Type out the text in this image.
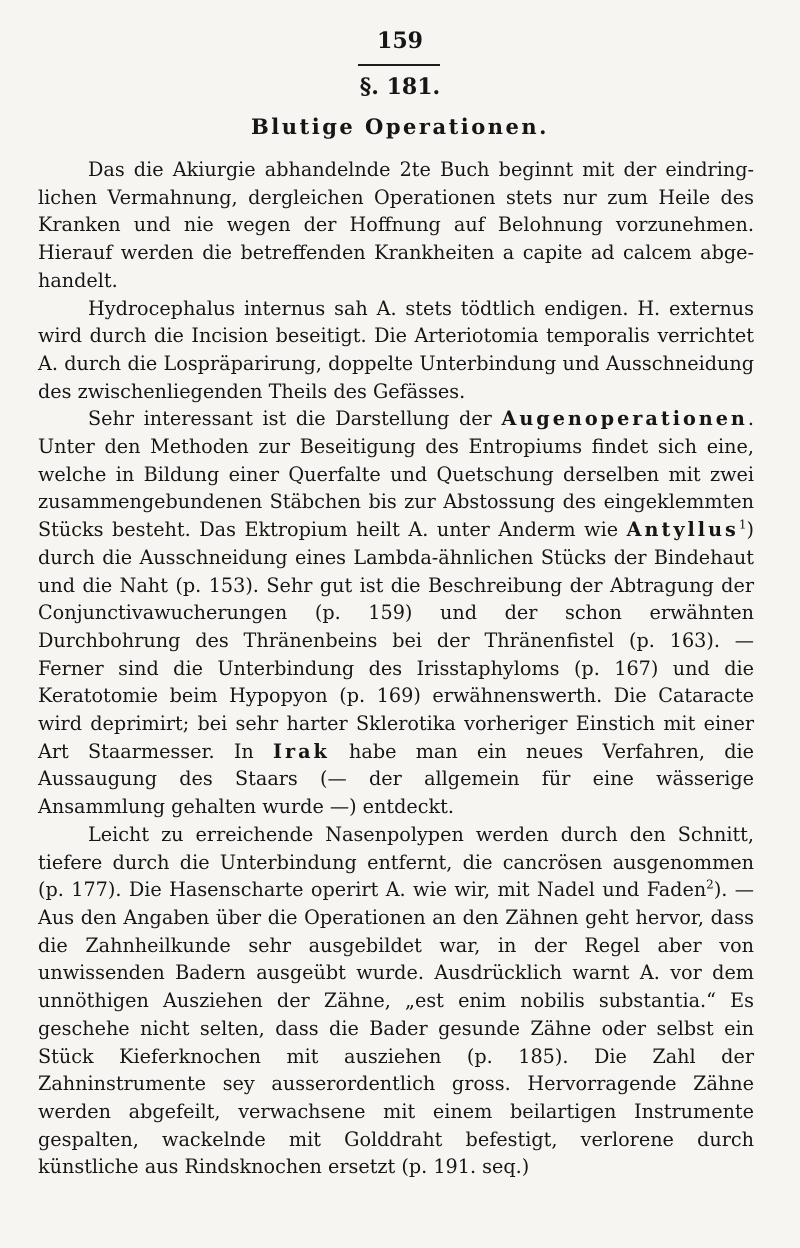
159
§. 181.
Blutige Operationen.

Das die Akiurgie abhandelnde 2te Buch beginnt mit der eindringlichen Vermahnung, dergleichen Operationen stets nur zum Heile des Kranken und nie wegen der Hoffnung auf Belohnung vorzunehmen. Hierauf werden die betreffenden Krankheiten a capite ad calcem abgehandelt.

Hydrocephalus internus sah A. stets tödtlich endigen. H. externus wird durch die Incision beseitigt. Die Arteriotomia temporalis verrichtet A. durch die Lospräparirung, doppelte Unterbindung und Ausschneidung des zwischenliegenden Theils des Gefässes.

Sehr interessant ist die Darstellung der Augenoperationen. Unter den Methoden zur Beseitigung des Entropiums findet sich eine, welche in Bildung einer Querfalte und Quetschung derselben mit zwei zusammengebundenen Stäbchen bis zur Abstossung des eingeklemmten Stücks besteht. Das Ektropium heilt A. unter Anderm wie Antyllus$^1$) durch die Ausschneidung eines Lambda-ähnlichen Stücks der Bindehaut und die Naht (p. 153). Sehr gut ist die Beschreibung der Abtragung der Conjunctivawucherungen (p. 159) und der schon erwähnten Durchbohrung des Thränenbeins bei der Thränenfistel (p. 163). — Ferner sind die Unterbindung des Irisstaphyloms (p. 167) und die Keratotomie beim Hypopyon (p. 169) erwähnenswerth. Die Cataracte wird deprimirt; bei sehr harter Sklerotika vorheriger Einstich mit einer Art Staarmesser. In Irak habe man ein neues Verfahren, die Aussaugung des Staars (— der allgemein für eine wässerige Ansammlung gehalten wurde —) entdeckt.

Leicht zu erreichende Nasenpolypen werden durch den Schnitt, tiefere durch die Unterbindung entfernt, die cancrösen ausgenommen (p. 177). Die Hasenscharte operirt A. wie wir, mit Nadel und Faden$^2$). — Aus den Angaben über die Operationen an den Zähnen geht hervor, dass die Zahnheilkunde sehr ausgebildet war, in der Regel aber von unwissenden Badern ausgeübt wurde. Ausdrücklich warnt A. vor dem unnöthigen Ausziehen der Zähne, „est enim nobilis substantia.“ Es geschehe nicht selten, dass die Bader gesunde Zähne oder selbst ein Stück Kieferknochen mit ausziehen (p. 185). Die Zahl der Zahninstrumente sey ausserordentlich gross. Hervorragende Zähne werden abgefeilt, verwachsene mit einem beilartigen Instrumente gespalten, wackelnde mit Golddraht befestigt, verlorene durch künstliche aus Rindsknochen ersetzt (p. 191. seq.)
